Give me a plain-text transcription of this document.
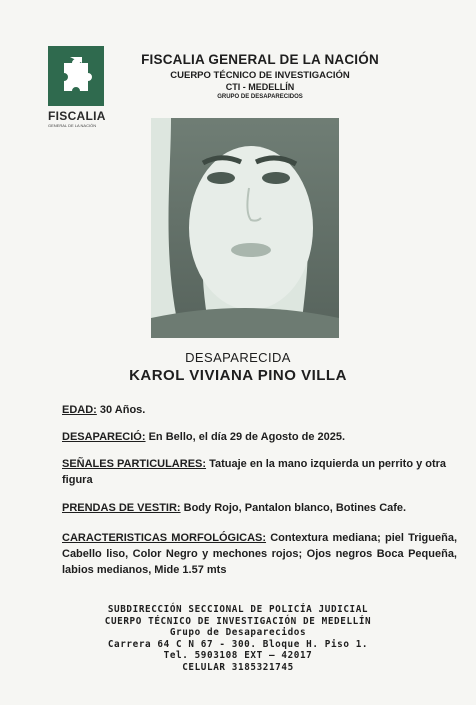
FISCALIA
GENERAL DE LA NACIÓN
FISCALIA GENERAL DE LA NACIÓN
CUERPO TÉCNICO DE INVESTIGACIÓN
CTI - MEDELLÍN
GRUPO DE DESAPARECIDOS
DESAPARECIDA
KAROL VIVIANA PINO VILLA
EDAD: 30 Años.
DESAPARECIÓ: En Bello, el día 29 de Agosto de 2025.
SEÑALES PARTICULARES: Tatuaje en la mano izquierda un perrito y otra figura
PRENDAS DE VESTIR: Body Rojo, Pantalon blanco, Botines Cafe.
CARACTERISTICAS MORFOLÓGICAS: Contextura mediana; piel Trigueña, Cabello liso, Color Negro y mechones rojos; Ojos negros Boca Pequeña, labios medianos, Mide 1.57 mts
SUBDIRECCIÓN SECCIONAL DE POLICÍA JUDICIAL
CUERPO TÉCNICO DE INVESTIGACIÓN DE MEDELLÍN
Grupo de Desaparecidos
Carrera 64 C N 67 - 300. Bloque H. Piso 1.
Tel. 5903108 EXT – 42017
CELULAR 3185321745
